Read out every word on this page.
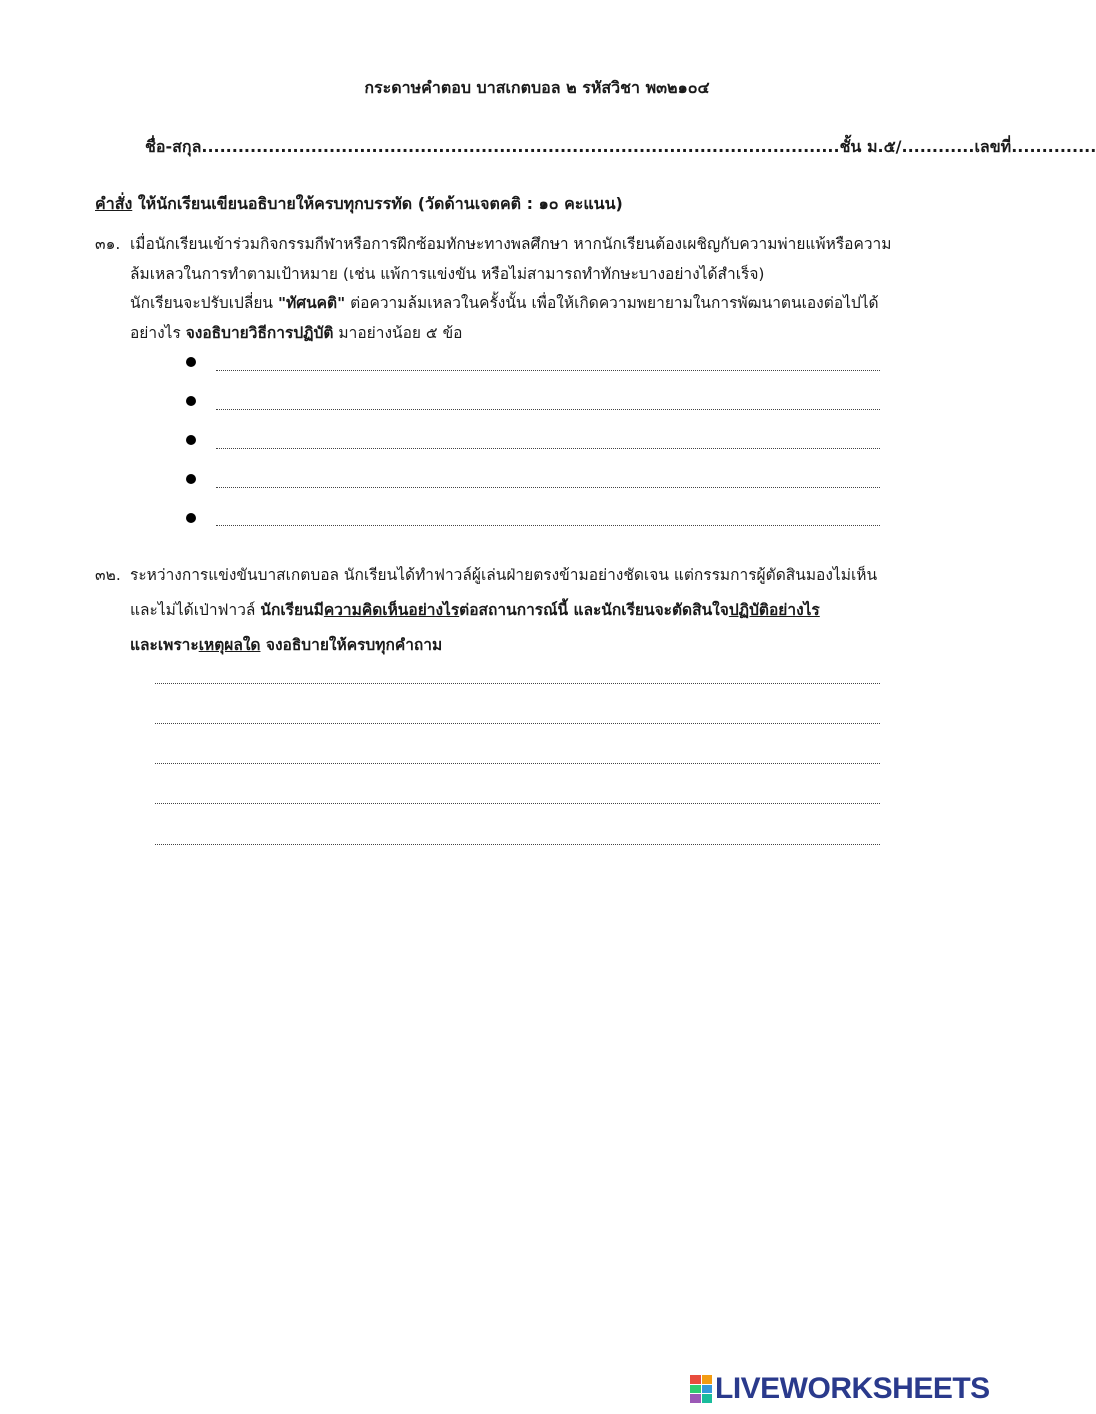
กระดาษคำตอบ บาสเกตบอล ๒ รหัสวิชา พ๓๒๑๐๔
ชื่อ-สกุล.........................................................................................................ชั้น ม.๕/............เลขที่..............
คำสั่ง ให้นักเรียนเขียนอธิบายให้ครบทุกบรรทัด (วัดด้านเจตคติ : ๑๐ คะแนน)
๓๑. เมื่อนักเรียนเข้าร่วมกิจกรรมกีฬาหรือการฝึกซ้อมทักษะทางพลศึกษา หากนักเรียนต้องเผชิญกับความพ่ายแพ้หรือความ
ล้มเหลวในการทำตามเป้าหมาย (เช่น แพ้การแข่งขัน หรือไม่สามารถทำทักษะบางอย่างได้สำเร็จ)
นักเรียนจะปรับเปลี่ยน "ทัศนคติ" ต่อความล้มเหลวในครั้งนั้น เพื่อให้เกิดความพยายามในการพัฒนาตนเองต่อไปได้
อย่างไร จงอธิบายวิธีการปฏิบัติ มาอย่างน้อย ๕ ข้อ
๓๒. ระหว่างการแข่งขันบาสเกตบอล นักเรียนได้ทำฟาวล์ผู้เล่นฝ่ายตรงข้ามอย่างชัดเจน แต่กรรมการผู้ตัดสินมองไม่เห็น
และไม่ได้เป่าฟาวล์ นักเรียนมีความคิดเห็นอย่างไรต่อสถานการณ์นี้ และนักเรียนจะตัดสินใจปฏิบัติอย่างไร
และเพราะเหตุผลใด จงอธิบายให้ครบทุกคำถาม
LIVEWORKSHEETS
